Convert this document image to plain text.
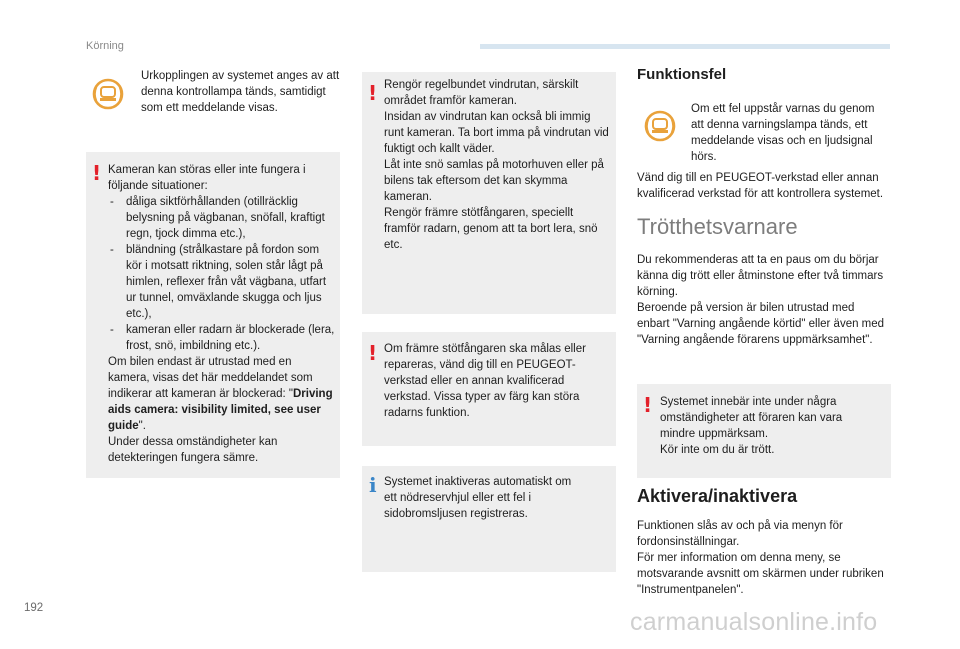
Körning
Urkopplingen av systemet anges av att denna kontrollampa tänds, samtidigt som ett meddelande visas.
! Kameran kan störas eller inte fungera i följande situationer:
- dåliga siktförhållanden (otillräcklig belysning på vägbanan, snöfall, kraftigt regn, tjock dimma etc.),
- bländning (strålkastare på fordon som kör i motsatt riktning, solen står lågt på himlen, reflexer från våt vägbana, utfart ur tunnel, omväxlande skugga och ljus etc.),
- kameran eller radarn är blockerade (lera, frost, snö, imbildning etc.).
Om bilen endast är utrustad med en kamera, visas det här meddelandet som indikerar att kameran är blockerad: "Driving aids camera: visibility limited, see user guide".
Under dessa omständigheter kan detekteringen fungera sämre.
! Rengör regelbundet vindrutan, särskilt området framför kameran.
Insidan av vindrutan kan också bli immig runt kameran. Ta bort imma på vindrutan vid fuktigt och kallt väder.
Låt inte snö samlas på motorhuven eller på bilens tak eftersom det kan skymma kameran.
Rengör främre stötfångaren, speciellt framför radarn, genom att ta bort lera, snö etc.
! Om främre stötfångaren ska målas eller repareras, vänd dig till en PEUGEOT-verkstad eller en annan kvalificerad verkstad. Vissa typer av färg kan störa radarns funktion.
i Systemet inaktiveras automatiskt om ett nödreservhjul eller ett fel i sidobromsljusen registreras.
Funktionsfel
Om ett fel uppstår varnas du genom att denna varningslampa tänds, ett meddelande visas och en ljudsignal hörs.
Vänd dig till en PEUGEOT-verkstad eller annan kvalificerad verkstad för att kontrollera systemet.
Trötthetsvarnare
Du rekommenderas att ta en paus om du börjar känna dig trött eller åtminstone efter två timmars körning.
Beroende på version är bilen utrustad med enbart "Varning angående körtid" eller även med "Varning angående förarens uppmärksamhet".
! Systemet innebär inte under några omständigheter att föraren kan vara mindre uppmärksam.
Kör inte om du är trött.
Aktivera/inaktivera
Funktionen slås av och på via menyn för fordonsinställningar.
För mer information om denna meny, se motsvarande avsnitt om skärmen under rubriken "Instrumentpanelen".
192	carmanualsonline.info
